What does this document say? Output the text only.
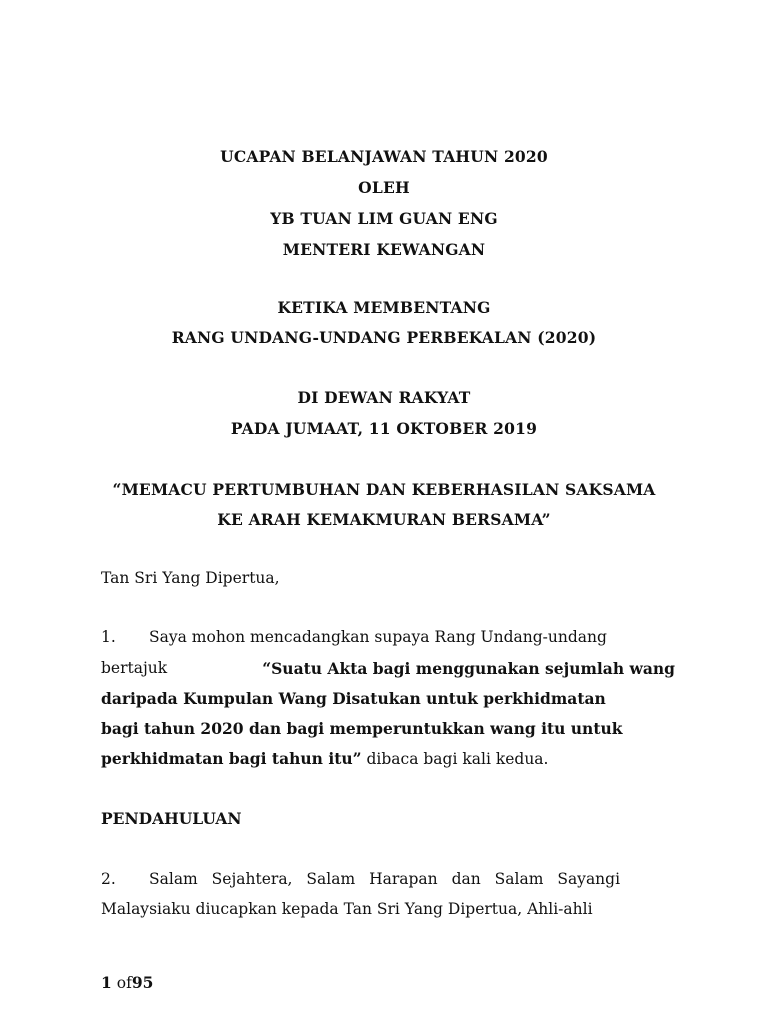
UCAPAN BELANJAWAN TAHUN 2020
OLEH
YB TUAN LIM GUAN ENG
MENTERI KEWANGAN
KETIKA MEMBENTANG
RANG UNDANG-UNDANG PERBEKALAN (2020)
DI DEWAN RAKYAT
PADA JUMAAT, 11 OKTOBER 2019
“MEMACU PERTUMBUHAN DAN KEBERHASILAN SAKSAMA
KE ARAH KEMAKMURAN BERSAMA”
Tan Sri Yang Dipertua,
1. Saya mohon mencadangkan supaya Rang Undang-undang
bertajuk	“Suatu Akta bagi menggunakan sejumlah wang
daripada Kumpulan Wang Disatukan untuk perkhidmatan
bagi tahun 2020 dan bagi memperuntukkan wang itu untuk
perkhidmatan bagi tahun itu” dibaca bagi kali kedua.
PENDAHULUAN
2. Salam Sejahtera, Salam Harapan dan Salam Sayangi
Malaysiaku diucapkan kepada Tan Sri Yang Dipertua, Ahli-ahli
1 of95
